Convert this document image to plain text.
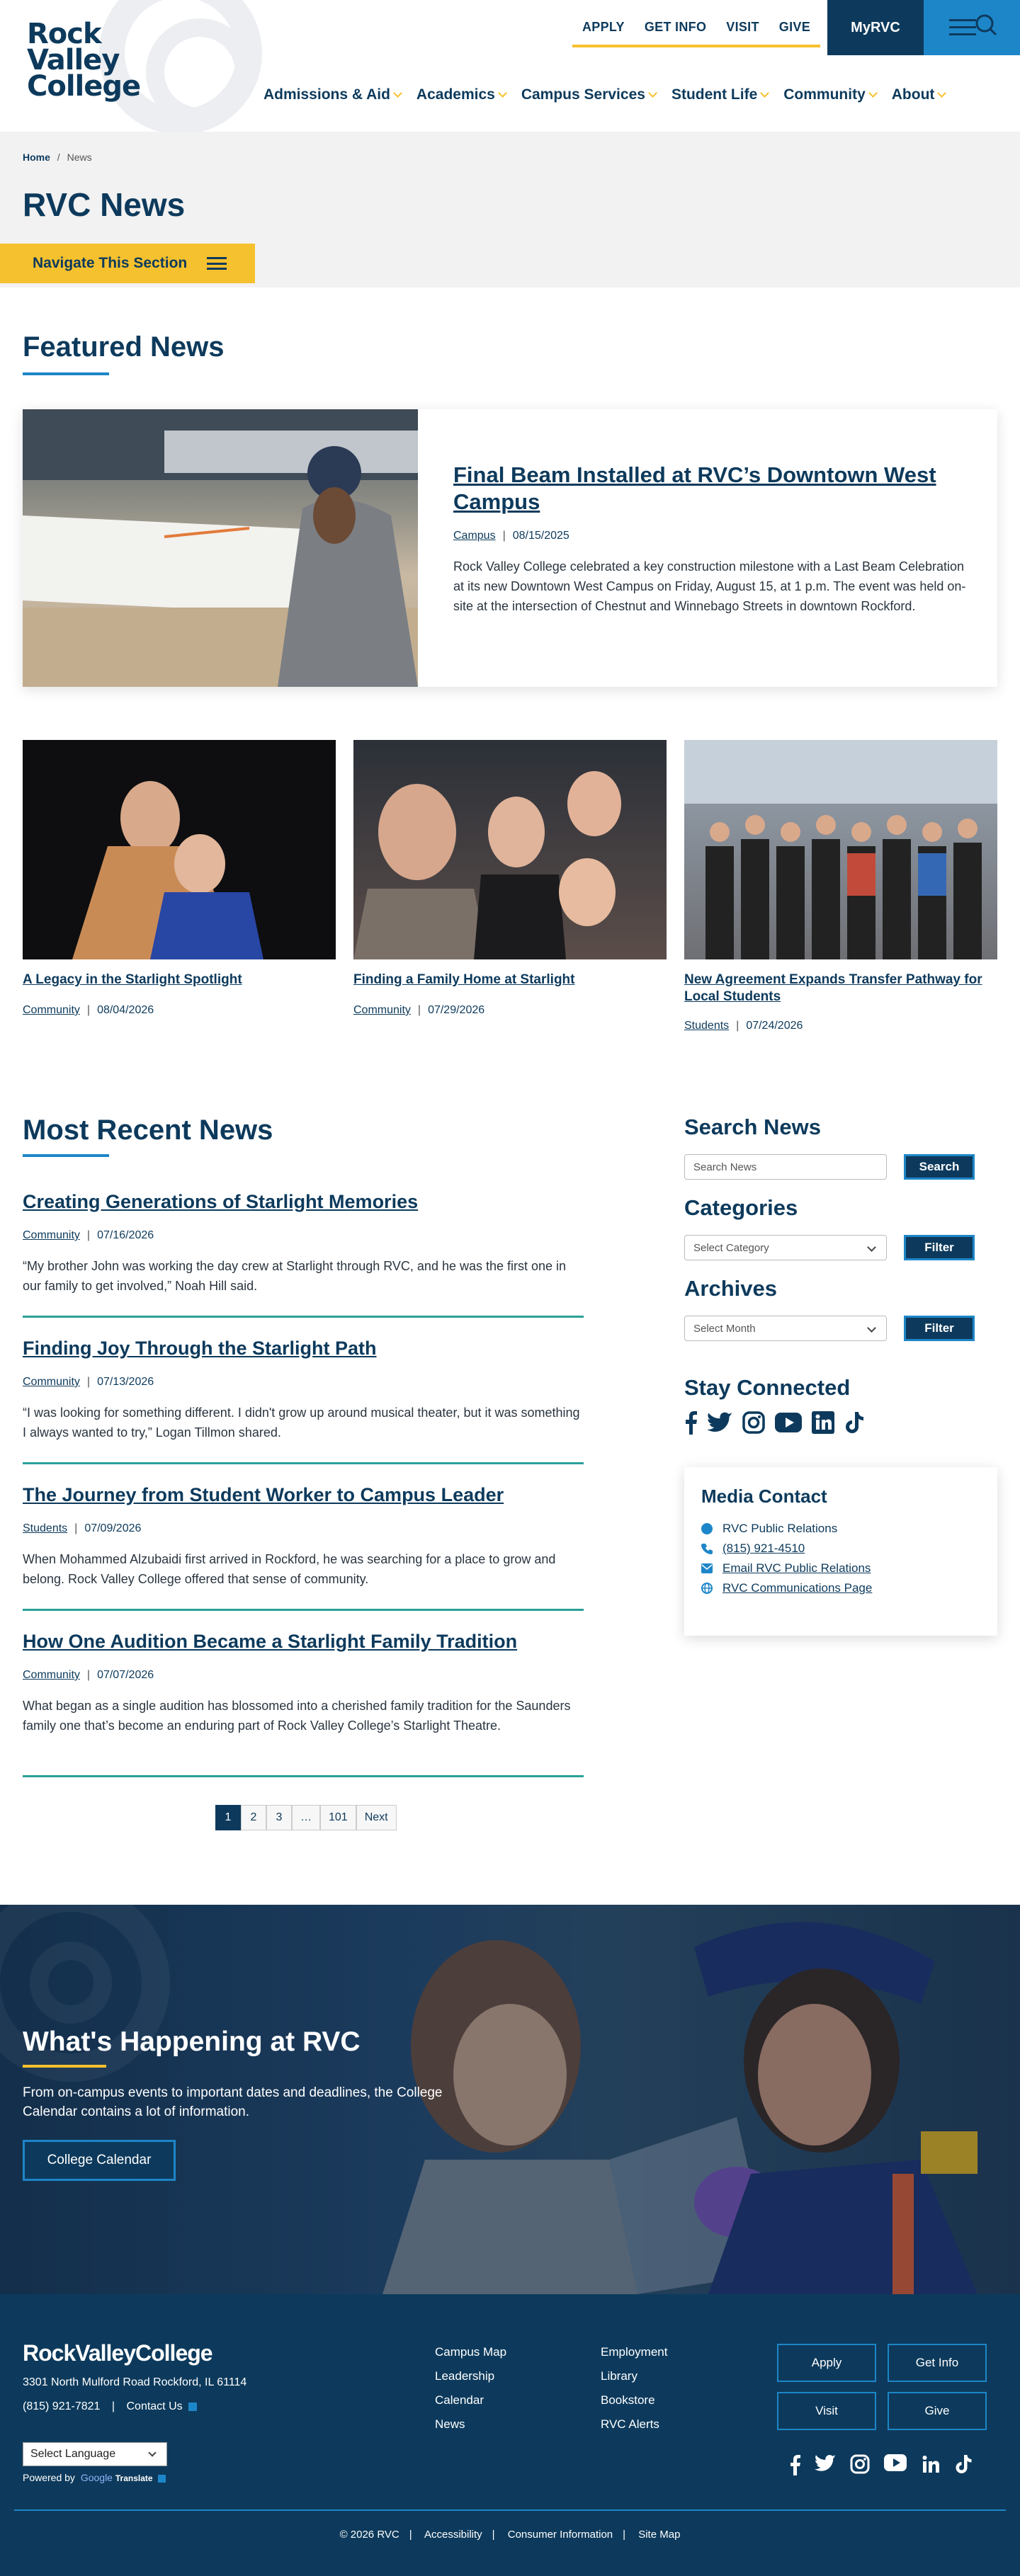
Rock
Valley
College
APPLY	GET INFO	VISIT	GIVE	MyRVC
Admissions & Aid Academics Campus Services Student Life Community About
Home / News
RVC News
Navigate This Section
Featured News
Final Beam Installed at RVC’s Downtown West Campus
Campus | 08/15/2025

Rock Valley College celebrated a key construction milestone with a Last Beam Celebration at its new Downtown West Campus on Friday, August 15, at 1 p.m. The event was held on-site at the intersection of Chestnut and Winnebago Streets in downtown Rockford.

A Legacy in the Starlight Spotlight
Community | 08/04/2026
Finding a Family Home at Starlight
Community | 07/29/2026
New Agreement Expands Transfer Pathway for Local Students
Students | 07/24/2026
Most Recent News
Creating Generations of Starlight Memories
Community | 07/16/2026

“My brother John was working the day crew at Starlight through RVC, and he was the first one in our family to get involved,” Noah Hill said.

Finding Joy Through the Starlight Path
Community | 07/13/2026

“I was looking for something different. I didn't grow up around musical theater, but it was something I always wanted to try,” Logan Tillmon shared.

The Journey from Student Worker to Campus Leader
Students | 07/09/2026

When Mohammed Alzubaidi first arrived in Rockford, he was searching for a place to grow and belong. Rock Valley College offered that sense of community.

How One Audition Became a Starlight Family Tradition
Community | 07/07/2026

What began as a single audition has blossomed into a cherished family tradition for the Saunders family one that’s become an enduring part of Rock Valley College’s Starlight Theatre.

1	2	3	…	101	Next
Search News
Search News	Search
Categories
Select Category	Filter
Archives
Select Month	Filter
Stay Connected
Media Contact
RVC Public Relations
(815) 921-4510
Email RVC Public Relations
RVC Communications Page
What's Happening at RVC

From on-campus events to important dates and deadlines, the College Calendar contains a lot of information.

College Calendar
RockValleyCollege
3301 North Mulford Road Rockford, IL 61114
(815) 921-7821 | Contact Us
Select Language
Powered by Google Translate
Campus Map
Leadership
Calendar
News
Employment
Library
Bookstore
RVC Alerts
Apply	Get Info
Visit	Give
© 2026 RVC | Accessibility | Consumer Information | Site Map
